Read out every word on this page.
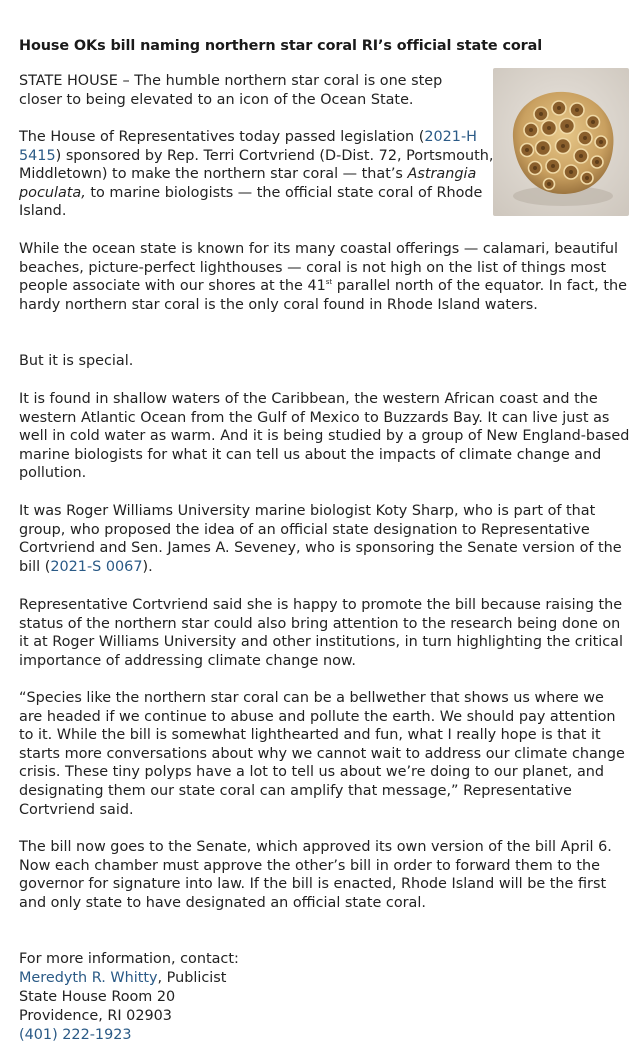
House OKs bill naming northern star coral RI’s official state coral

STATE HOUSE – The humble northern star coral is one step closer to being elevated to an icon of the Ocean State.

The House of Representatives today passed legislation (2021-H 5415) sponsored by Rep. Terri Cortvriend (D-Dist. 72, Portsmouth, Middletown) to make the northern star coral — that’s Astrangia poculata, to marine biologists — the official state coral of Rhode Island.

While the ocean state is known for its many coastal offerings — calamari, beautiful beaches, picture-perfect lighthouses — coral is not high on the list of things most people associate with our shores at the 41st parallel north of the equator. In fact, the hardy northern star coral is the only coral found in Rhode Island waters.

But it is special.

It is found in shallow waters of the Caribbean, the western African coast and the western Atlantic Ocean from the Gulf of Mexico to Buzzards Bay. It can live just as well in cold water as warm. And it is being studied by a group of New England-based marine biologists for what it can tell us about the impacts of climate change and pollution.

It was Roger Williams University marine biologist Koty Sharp, who is part of that group, who proposed the idea of an official state designation to Representative Cortvriend and Sen. James A. Seveney, who is sponsoring the Senate version of the bill (2021-S 0067).

Representative Cortvriend said she is happy to promote the bill because raising the status of the northern star could also bring attention to the research being done on it at Roger Williams University and other institutions, in turn highlighting the critical importance of addressing climate change now.

“Species like the northern star coral can be a bellwether that shows us where we are headed if we continue to abuse and pollute the earth. We should pay attention to it. While the bill is somewhat lighthearted and fun, what I really hope is that it starts more conversations about why we cannot wait to address our climate change crisis. These tiny polyps have a lot to tell us about we’re doing to our planet, and designating them our state coral can amplify that message,” Representative Cortvriend said.

The bill now goes to the Senate, which approved its own version of the bill April 6. Now each chamber must approve the other’s bill in order to forward them to the governor for signature into law. If the bill is enacted, Rhode Island will be the first and only state to have designated an official state coral.

For more information, contact:
Meredyth R. Whitty, Publicist
State House Room 20
Providence, RI 02903
(401) 222-1923
